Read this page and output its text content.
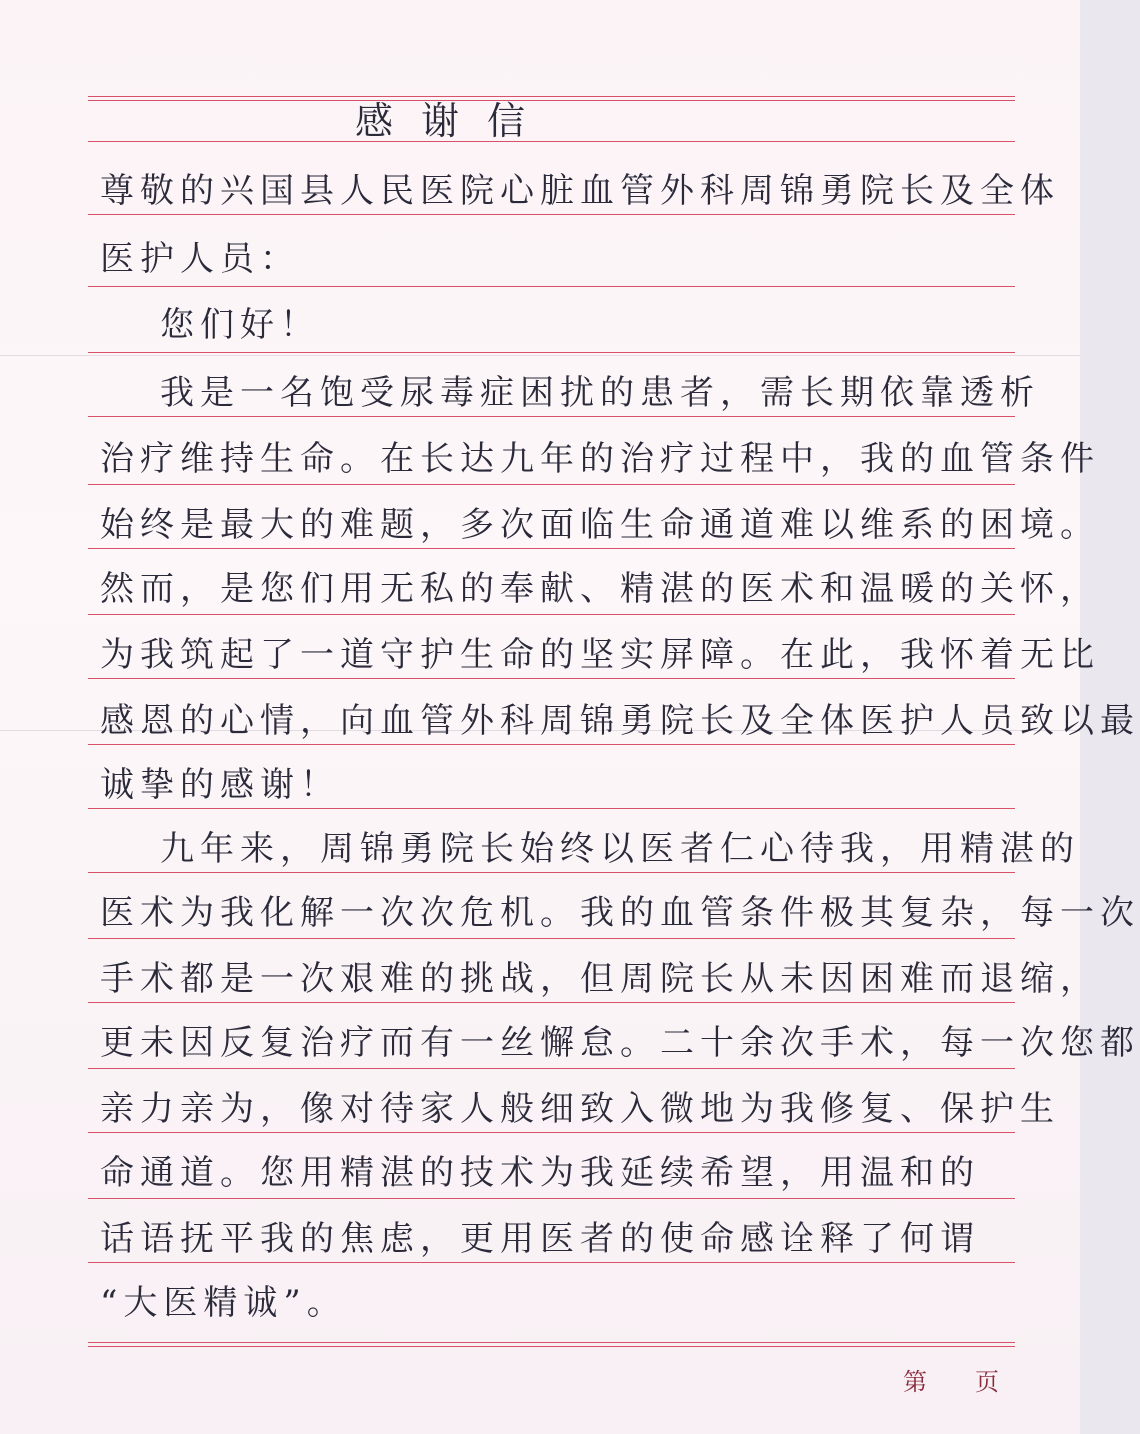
感谢信
尊敬的兴国县人民医院心脏血管外科周锦勇院长及全体
医护人员：
您们好！
我是一名饱受尿毒症困扰的患者，需长期依靠透析
治疗维持生命。在长达九年的治疗过程中，我的血管条件
始终是最大的难题，多次面临生命通道难以维系的困境。
然而，是您们用无私的奉献、精湛的医术和温暖的关怀，
为我筑起了一道守护生命的坚实屏障。在此，我怀着无比
感恩的心情，向血管外科周锦勇院长及全体医护人员致以最
诚挚的感谢！
九年来，周锦勇院长始终以医者仁心待我，用精湛的
医术为我化解一次次危机。我的血管条件极其复杂，每一次
手术都是一次艰难的挑战，但周院长从未因困难而退缩，
更未因反复治疗而有一丝懈怠。二十余次手术，每一次您都
亲力亲为，像对待家人般细致入微地为我修复、保护生
命通道。您用精湛的技术为我延续希望，用温和的
话语抚平我的焦虑，更用医者的使命感诠释了何谓
“大医精诚”。
第 页
